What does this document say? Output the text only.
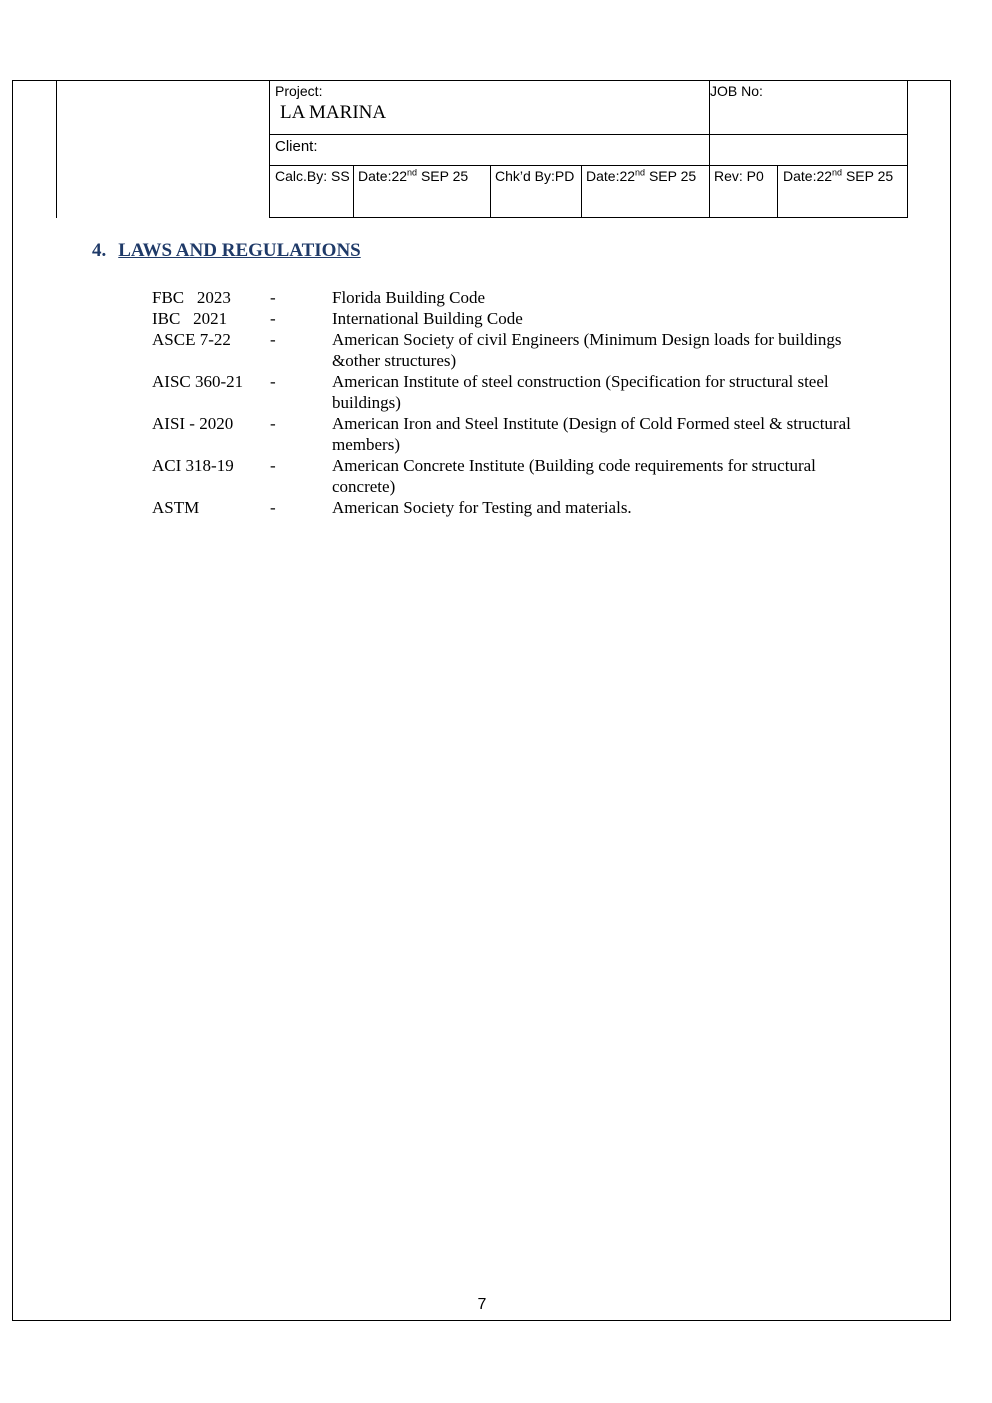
Project:
LA MARINA
JOB No:
Client:
Calc.By: SS Date:22nd SEP 25 Chk’d By:PD Date:22nd SEP 25 Rev: P0 Date:22nd SEP 25
4. LAWS AND REGULATIONS
FBC   2023	-	Florida Building Code
IBC   2021	-	International Building Code
ASCE 7-22	-	American Society of civil Engineers (Minimum Design loads for buildings &other structures)
AISC 360-21	-	American Institute of steel construction (Specification for structural steel buildings)
AISI - 2020	-	American Iron and Steel Institute (Design of Cold Formed steel & structural members)
ACI 318-19	-	American Concrete Institute (Building code requirements for structural concrete)
ASTM	-	American Society for Testing and materials.
7
